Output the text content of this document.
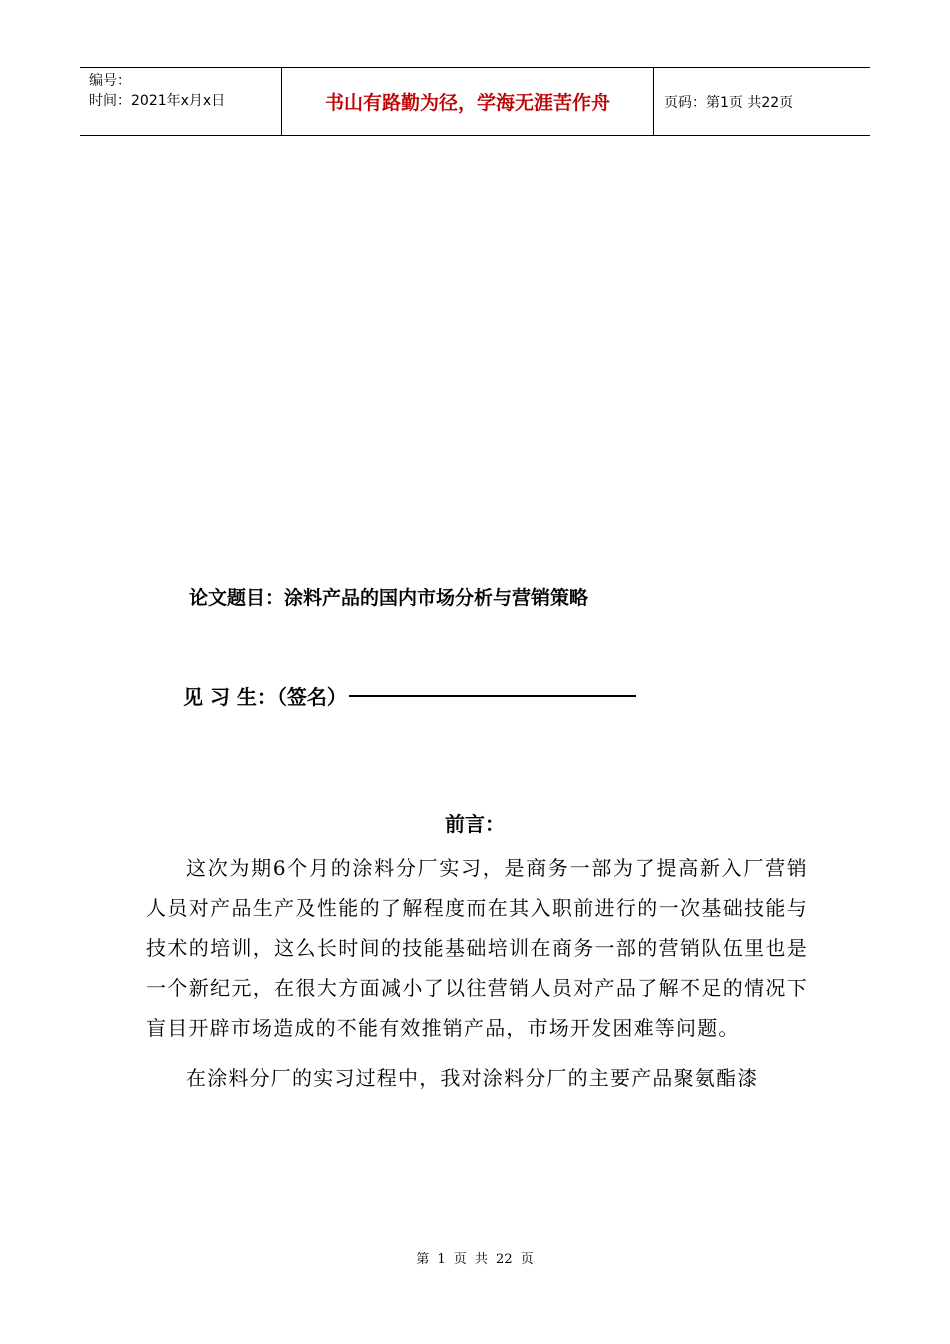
编号：
时间：2021年x月x日	书山有路勤为径，学海无涯苦作舟	页码：第1页 共22页
论文题目：涂料产品的国内市场分析与营销策略
见 习 生：（签名）
前言：

这次为期6个月的涂料分厂实习，是商务一部为了提高新入厂营销人员对产品生产及性能的了解程度而在其入职前进行的一次基础技能与技术的培训，这么长时间的技能基础培训在商务一部的营销队伍里也是一个新纪元，在很大方面减小了以往营销人员对产品了解不足的情况下盲目开辟市场造成的不能有效推销产品，市场开发困难等问题。

在涂料分厂的实习过程中，我对涂料分厂的主要产品聚氨酯漆

第 1 页 共 22 页
